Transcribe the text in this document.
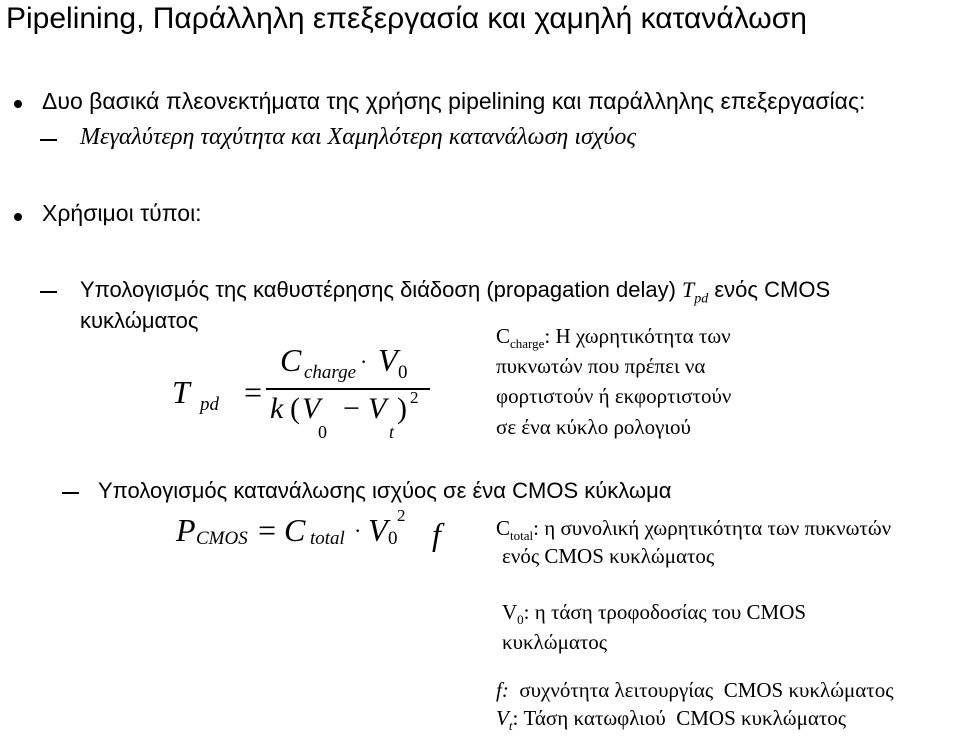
Pipelining, Παράλληλη επεξεργασία και χαμηλή κατανάλωση
Δυο βασικά πλεονεκτήματα της χρήσης pipelining και παράλληλης επεξεργασίας:
Μεγαλύτερη ταχύτητα και Χαμηλότερη κατανάλωση ισχύος
Χρήσιμοι τύποι:
Υπολογισμός της καθυστέρησης διάδοση (propagation delay) $T_{pd}$ ενός CMOS
κυκλώματος
T pd =
C charge · V 0
k ( V − V ) 2
0	t
$C_{charge}$: Η χωρητικότητα των
πυκνωτών που πρέπει να
φορτιστούν ή εκφορτιστούν
σε ένα κύκλο ρολογιού
Υπολογισμός κατανάλωσης ισχύος σε ένα CMOS κύκλωμα
P CMOS = C total · V 0
2
f	$C_{total}$: η συνολική χωρητικότητα των πυκνωτών
ενός CMOS κυκλώματος
$V_0$: η τάση τροφοδοσίας του CMOS
κυκλώματος
f:  συχνότητα λειτουργίας  CMOS κυκλώματος
$V_t$: Τάση κατωφλιού  CMOS κυκλώματος
